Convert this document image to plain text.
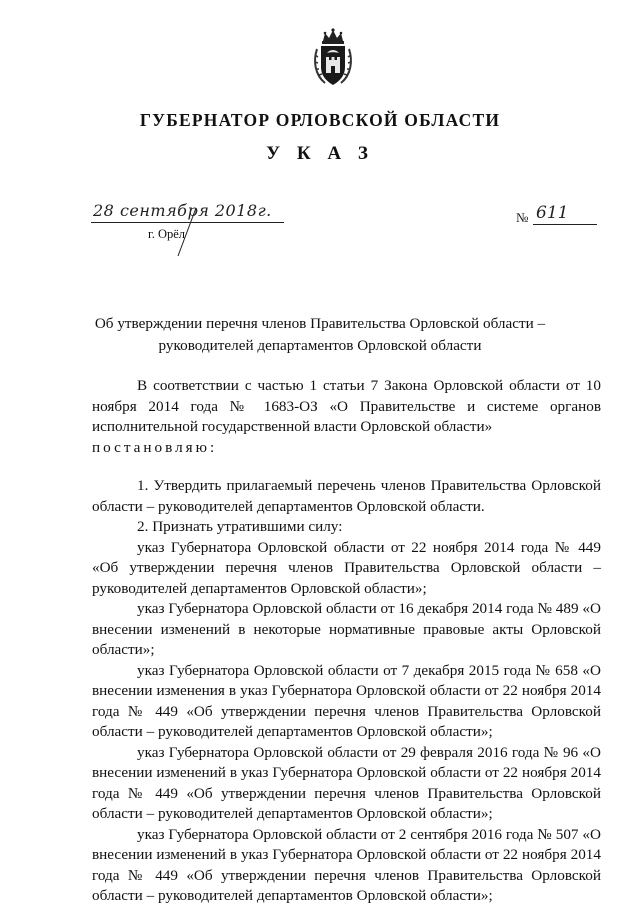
ГУБЕРНАТОР ОРЛОВСКОЙ ОБЛАСТИ
У К А З
28 сентября 2018г.
г. Орёл
№ 611
Об утверждении перечня членов Правительства Орловской области –
руководителей департаментов Орловской области

В соответствии с частью 1 статьи 7 Закона Орловской области от 10 ноября 2014 года № 1683-ОЗ «О Правительстве и системе органов исполнительной государственной власти Орловской области»

постановляю:

1. Утвердить прилагаемый перечень членов Правительства Орловской области – руководителей департаментов Орловской области.

2. Признать утратившими силу:

указ Губернатора Орловской области от 22 ноября 2014 года № 449 «Об утверждении перечня членов Правительства Орловской области – руководителей департаментов Орловской области»;

указ Губернатора Орловской области от 16 декабря 2014 года № 489 «О внесении изменений в некоторые нормативные правовые акты Орловской области»;

указ Губернатора Орловской области от 7 декабря 2015 года № 658 «О внесении изменения в указ Губернатора Орловской области от 22 ноября 2014 года № 449 «Об утверждении перечня членов Правительства Орловской области – руководителей департаментов Орловской области»;

указ Губернатора Орловской области от 29 февраля 2016 года № 96 «О внесении изменений в указ Губернатора Орловской области от 22 ноября 2014 года № 449 «Об утверждении перечня членов Правительства Орловской области – руководителей департаментов Орловской области»;

указ Губернатора Орловской области от 2 сентября 2016 года № 507 «О внесении изменений в указ Губернатора Орловской области от 22 ноября 2014 года № 449 «Об утверждении перечня членов Правительства Орловской области – руководителей департаментов Орловской области»;
